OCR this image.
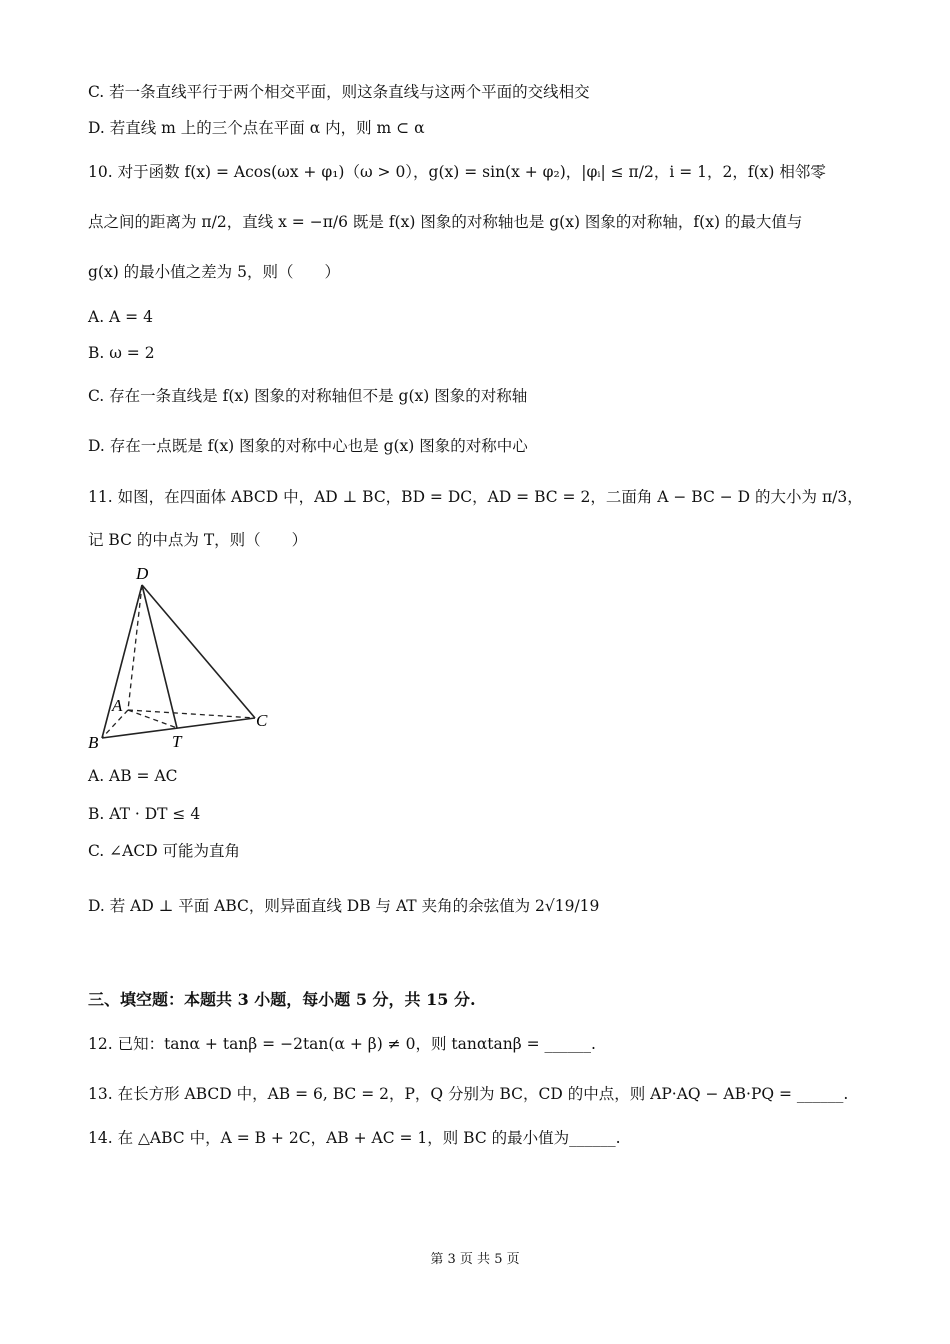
C. 若一条直线平行于两个相交平面，则这条直线与这两个平面的交线相交
D. 若直线 m 上的三个点在平面 α 内，则 m ⊂ α
10. 对于函数 f(x) = Acos(ωx + φ₁)（ω > 0），g(x) = sin(x + φ₂)，|φᵢ| ≤ π/2，i = 1，2，f(x) 相邻零
点之间的距离为 π/2，直线 x = −π/6 既是 f(x) 图象的对称轴也是 g(x) 图象的对称轴，f(x) 的最大值与
g(x) 的最小值之差为 5，则（　　）
A. A = 4
B. ω = 2
C. 存在一条直线是 f(x) 图象的对称轴但不是 g(x) 图象的对称轴
D. 存在一点既是 f(x) 图象的对称中心也是 g(x) 图象的对称中心
11. 如图，在四面体 ABCD 中，AD ⊥ BC，BD = DC，AD = BC = 2，二面角 A − BC − D 的大小为 π/3，
记 BC 的中点为 T，则（　　）
D
A
B	T
C
A. AB = AC
B. AT · DT ≤ 4
C. ∠ACD 可能为直角
D. 若 AD ⊥ 平面 ABC，则异面直线 DB 与 AT 夹角的余弦值为 2√19/19
三、填空题：本题共 3 小题，每小题 5 分，共 15 分.
12. 已知：tanα + tanβ = −2tan(α + β) ≠ 0，则 tanαtanβ = ______.
13. 在长方形 ABCD 中，AB = 6, BC = 2，P，Q 分别为 BC，CD 的中点，则 AP·AQ − AB·PQ = ______.
14. 在 △ABC 中，A = B + 2C，AB + AC = 1，则 BC 的最小值为______.
第 3 页 共 5 页
